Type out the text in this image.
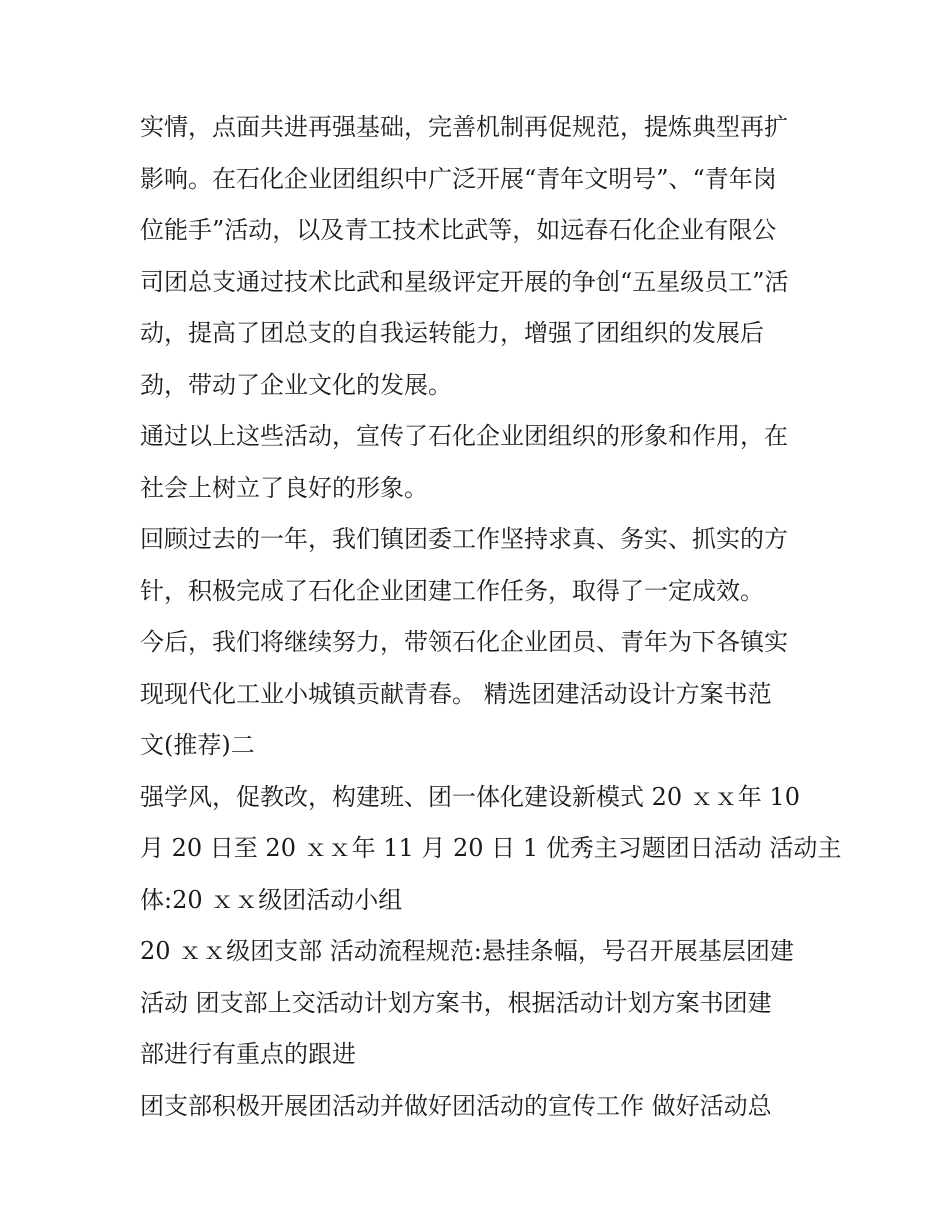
实情，点面共进再强基础，完善机制再促规范，提炼典型再扩
影响。在石化企业团组织中广泛开展“青年文明号”、“青年岗
位能手”活动，以及青工技术比武等，如远春石化企业有限公
司团总支通过技术比武和星级评定开展的争创“五星级员工”活
动，提高了团总支的自我运转能力，增强了团组织的发展后
劲，带动了企业文化的发展。

通过以上这些活动，宣传了石化企业团组织的形象和作用，在
社会上树立了良好的形象。

回顾过去的一年，我们镇团委工作坚持求真、务实、抓实的方
针，积极完成了石化企业团建工作任务，取得了一定成效。

今后，我们将继续努力，带领石化企业团员、青年为下各镇实
现现代化工业小城镇贡献青春。 精选团建活动设计方案书范
文(推荐)二

强学风，促教改，构建班、团一体化建设新模式 20 ｘｘ年 10
月 20 日至 20 ｘｘ年 11 月 20 日 1 优秀主习题团日活动 活动主
体:20 ｘｘ级团活动小组

20 ｘｘ级团支部 活动流程规范:悬挂条幅，号召开展基层团建
活动 团支部上交活动计划方案书，根据活动计划方案书团建
部进行有重点的跟进

团支部积极开展团活动并做好团活动的宣传工作 做好活动总
